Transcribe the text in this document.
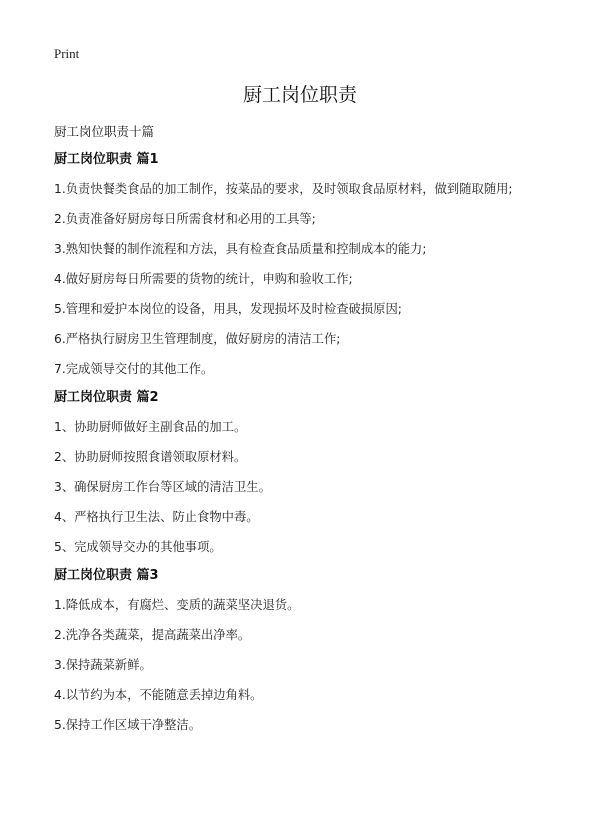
Print
厨工岗位职责
厨工岗位职责十篇

厨工岗位职责 篇1

1.负责快餐类食品的加工制作，按菜品的要求，及时领取食品原材料，做到随取随用;

2.负责准备好厨房每日所需食材和必用的工具等;

3.熟知快餐的制作流程和方法，具有检查食品质量和控制成本的能力;

4.做好厨房每日所需要的货物的统计，申购和验收工作;

5.管理和爱护本岗位的设备，用具，发现损坏及时检查破损原因;

6.严格执行厨房卫生管理制度，做好厨房的清洁工作;

7.完成领导交付的其他工作。

厨工岗位职责 篇2

1、协助厨师做好主副食品的加工。

2、协助厨师按照食谱领取原材料。

3、确保厨房工作台等区域的清洁卫生。

4、严格执行卫生法、防止食物中毒。

5、完成领导交办的其他事项。

厨工岗位职责 篇3

1.降低成本，有腐烂、变质的蔬菜坚决退货。

2.洗净各类蔬菜，提高蔬菜出净率。

3.保持蔬菜新鲜。

4.以节约为本，不能随意丢掉边角料。

5.保持工作区域干净整洁。
